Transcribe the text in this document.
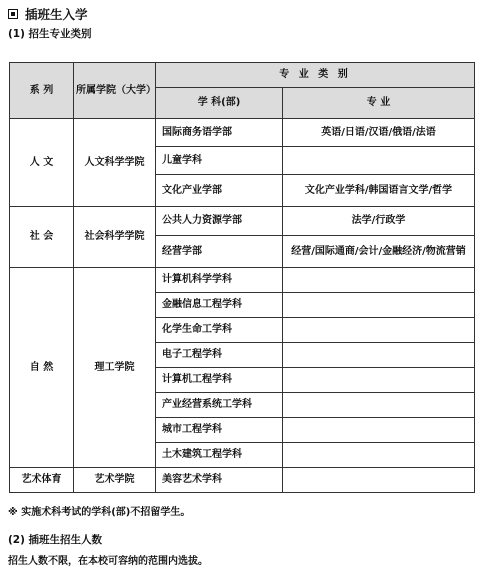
插班生入学
(1) 招生专业类别
系 列	所属学院（大学）	专 业 类 别	
		学 科(部)	专 业
人 文	人文科学学院	国际商务语学部	英语/日语/汉语/俄语/法语
		儿童学科	
		文化产业学部	文化产业学科/韩国语言文学/哲学
社 会	社会科学学院	公共人力资源学部	法学/行政学
		经营学部	经营/国际通商/会计/金融经济/物流营销
自 然	理工学院	计算机科学学科	
		金融信息工程学科	
		化学生命工学科	
		电子工程学科	
		计算机工程学科	
		产业经营系统工学科	
		城市工程学科	
		土木建筑工程学科	
艺术体育	艺术学院	美容艺术学科	
※ 实施术科考试的学科(部)不招留学生。
(2) 插班生招生人数
招生人数不限，在本校可容纳的范围内选拔。
